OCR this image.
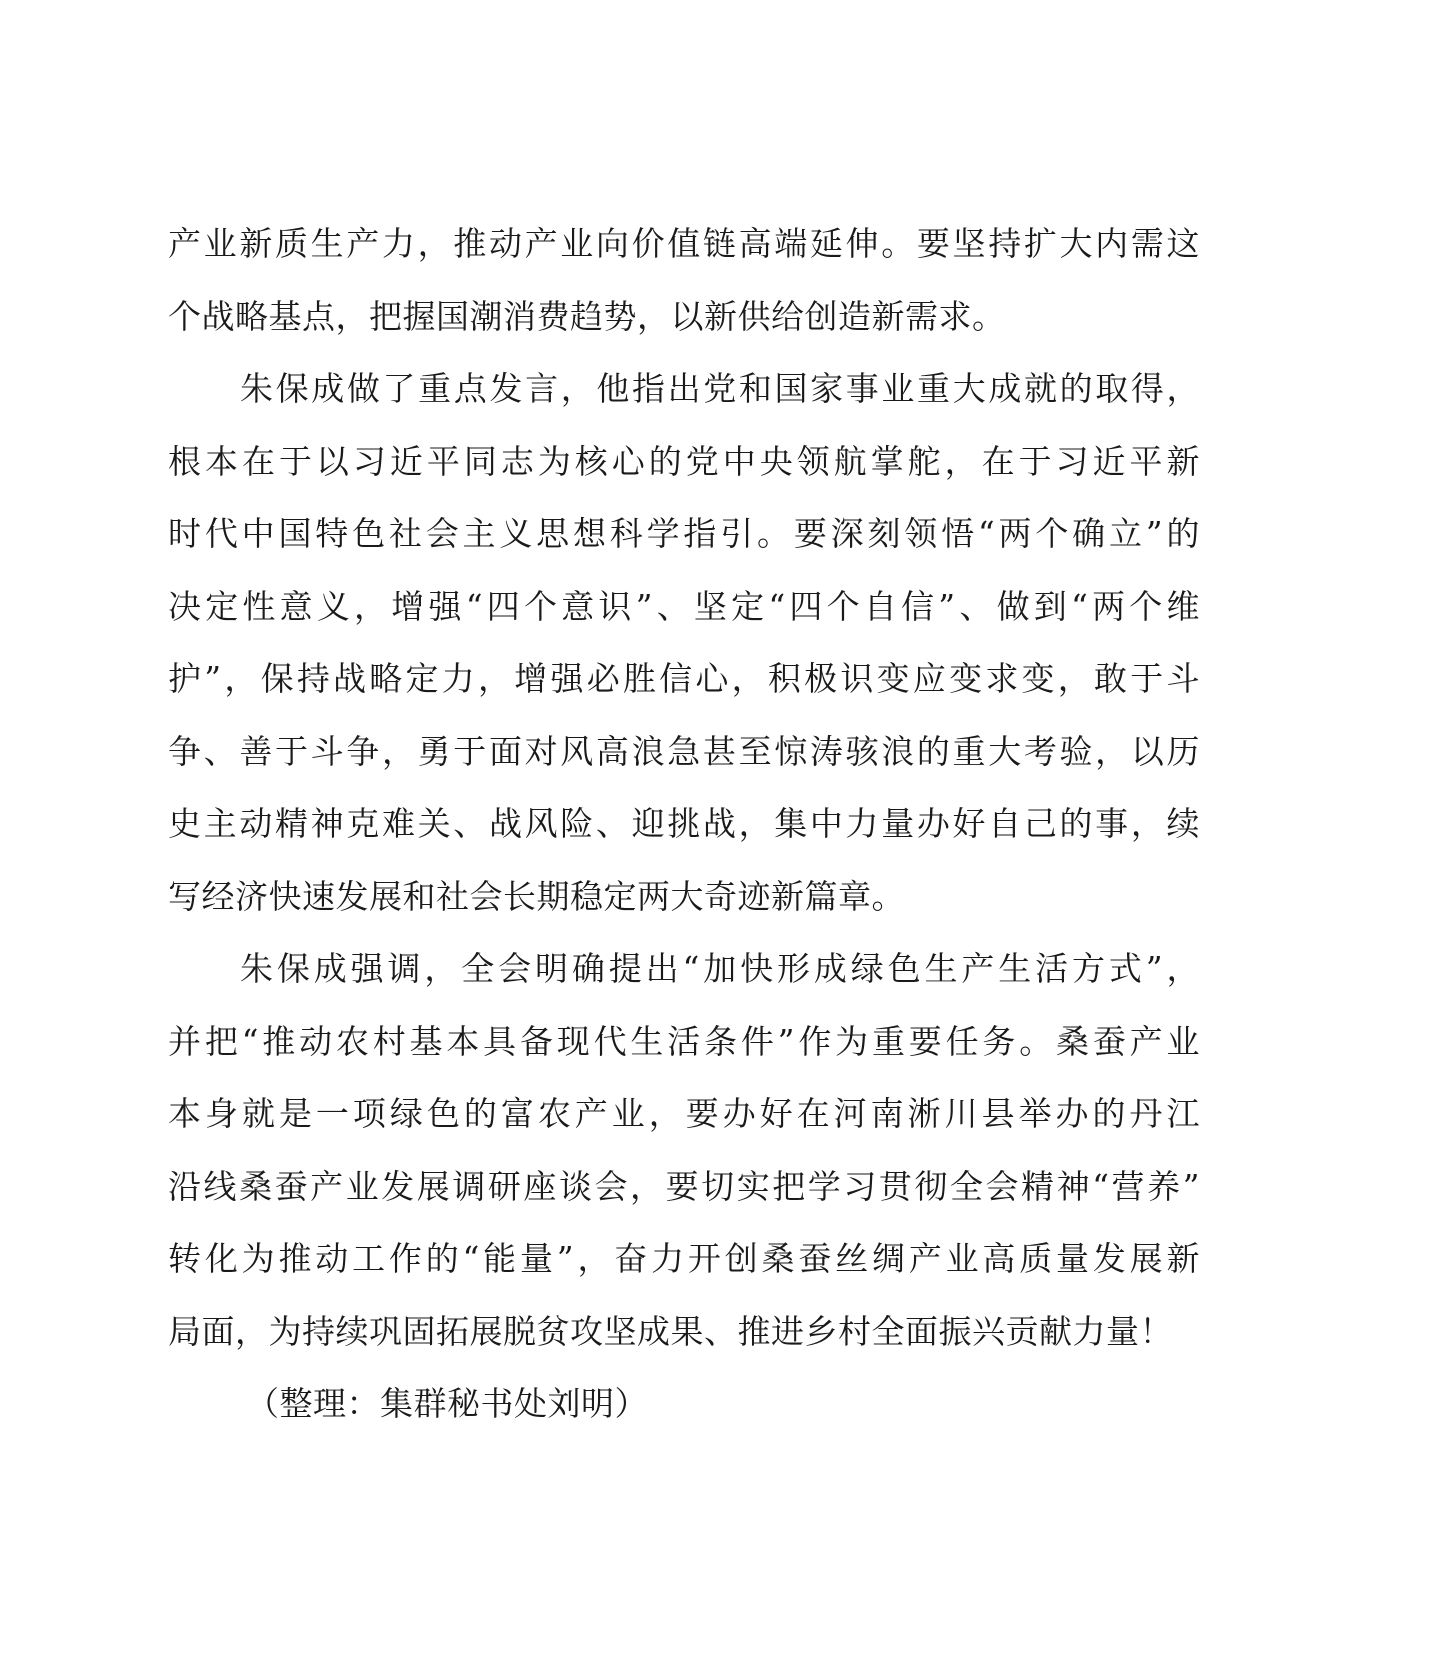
产业新质生产力，推动产业向价值链高端延伸。要坚持扩大内需这
个战略基点，把握国潮消费趋势，以新供给创造新需求。

朱保成做了重点发言，他指出党和国家事业重大成就的取得，
根本在于以习近平同志为核心的党中央领航掌舵，在于习近平新
时代中国特色社会主义思想科学指引。要深刻领悟“两个确立”的
决定性意义，增强“四个意识”、坚定“四个自信”、做到“两个维
护”，保持战略定力，增强必胜信心，积极识变应变求变，敢于斗
争、善于斗争，勇于面对风高浪急甚至惊涛骇浪的重大考验，以历
史主动精神克难关、战风险、迎挑战，集中力量办好自己的事，续
写经济快速发展和社会长期稳定两大奇迹新篇章。

朱保成强调，全会明确提出“加快形成绿色生产生活方式”，
并把“推动农村基本具备现代生活条件”作为重要任务。桑蚕产业
本身就是一项绿色的富农产业，要办好在河南淅川县举办的丹江
沿线桑蚕产业发展调研座谈会，要切实把学习贯彻全会精神“营养”
转化为推动工作的“能量”，奋力开创桑蚕丝绸产业高质量发展新
局面，为持续巩固拓展脱贫攻坚成果、推进乡村全面振兴贡献力量！

（整理：集群秘书处刘明）
